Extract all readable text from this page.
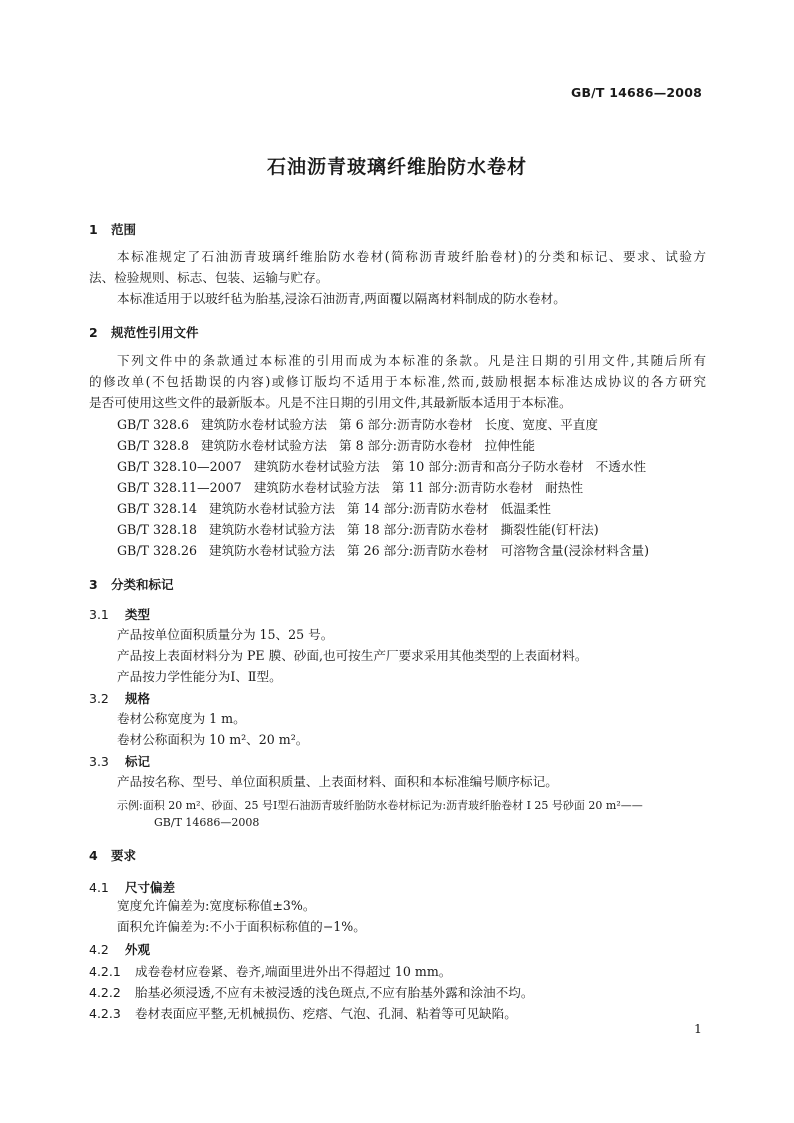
GB/T 14686—2008
石油沥青玻璃纤维胎防水卷材
1 范围
本标准规定了石油沥青玻璃纤维胎防水卷材(简称沥青玻纤胎卷材)的分类和标记、要求、试验方
法、检验规则、标志、包装、运输与贮存。
本标准适用于以玻纤毡为胎基,浸涂石油沥青,两面覆以隔离材料制成的防水卷材。
2 规范性引用文件
下列文件中的条款通过本标准的引用而成为本标准的条款。凡是注日期的引用文件,其随后所有
的修改单(不包括勘误的内容)或修订版均不适用于本标准,然而,鼓励根据本标准达成协议的各方研究
是否可使用这些文件的最新版本。凡是不注日期的引用文件,其最新版本适用于本标准。
GB/T 328.6 建筑防水卷材试验方法 第 6 部分:沥青防水卷材 长度、宽度、平直度
GB/T 328.8 建筑防水卷材试验方法 第 8 部分:沥青防水卷材 拉伸性能
GB/T 328.10—2007 建筑防水卷材试验方法 第 10 部分:沥青和高分子防水卷材 不透水性
GB/T 328.11—2007 建筑防水卷材试验方法 第 11 部分:沥青防水卷材 耐热性
GB/T 328.14 建筑防水卷材试验方法 第 14 部分:沥青防水卷材 低温柔性
GB/T 328.18 建筑防水卷材试验方法 第 18 部分:沥青防水卷材 撕裂性能(钉杆法)
GB/T 328.26 建筑防水卷材试验方法 第 26 部分:沥青防水卷材 可溶物含量(浸涂材料含量)
3 分类和标记
3.1 类型
产品按单位面积质量分为 15、25 号。
产品按上表面材料分为 PE 膜、砂面,也可按生产厂要求采用其他类型的上表面材料。
产品按力学性能分为Ⅰ、Ⅱ型。
3.2 规格
卷材公称宽度为 1 m。
卷材公称面积为 10 m²、20 m²。
3.3 标记
产品按名称、型号、单位面积质量、上表面材料、面积和本标准编号顺序标记。
示例:面积 20 m²、砂面、25 号Ⅰ型石油沥青玻纤胎防水卷材标记为:沥青玻纤胎卷材 Ⅰ 25 号砂面 20 m²——
GB/T 14686—2008
4 要求
4.1 尺寸偏差
宽度允许偏差为:宽度标称值±3%。
面积允许偏差为:不小于面积标称值的−1%。
4.2 外观
4.2.1 成卷卷材应卷紧、卷齐,端面里进外出不得超过 10 mm。
4.2.2 胎基必须浸透,不应有未被浸透的浅色斑点,不应有胎基外露和涂油不均。
4.2.3 卷材表面应平整,无机械损伤、疙瘩、气泡、孔洞、粘着等可见缺陷。
1
